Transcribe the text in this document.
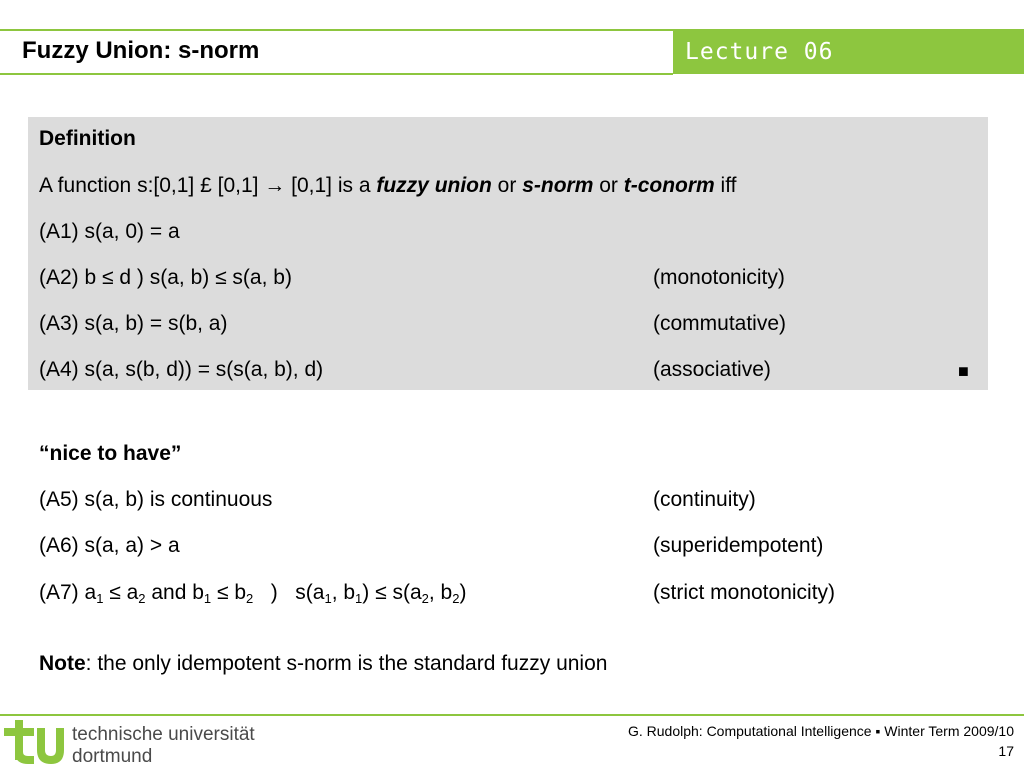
Fuzzy Union: s-norm	Lecture 06
Definition
A function s:[0,1] £ [0,1] → [0,1] is a fuzzy union or s-norm or t-conorm iff
(A1) s(a, 0) = a
(A2) b ≤ d ) s(a, b) ≤ s(a, b)	(monotonicity)
(A3) s(a, b) = s(b, a)	(commutative)
(A4) s(a, s(b, d)) = s(s(a, b), d)	(associative)	■
“nice to have”
(A5) s(a, b) is continuous	(continuity)
(A6) s(a, a) > a	(superidempotent)
(A7) $a_1 \le a_2$ and $b_1 \le b_2$   )   $s(a_1$, $b_1) \le s(a_2$, $b_2$)	(strict monotonicity)
Note: the only idempotent s-norm is the standard fuzzy union
technische universität
dortmund
G. Rudolph: Computational Intelligence ▪ Winter Term 2009/10
17
